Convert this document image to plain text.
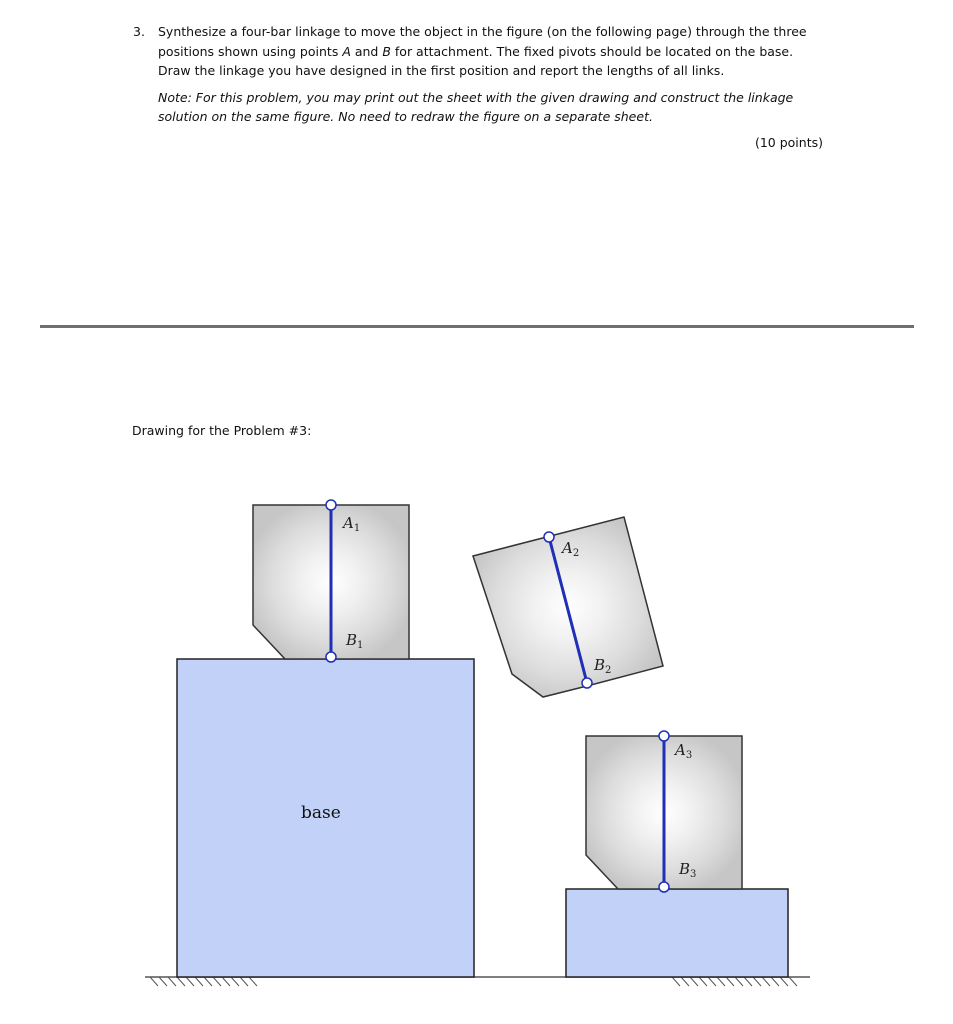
3. Synthesize a four-bar linkage to move the object in the figure (on the following page) through the three positions shown using points A and B for attachment. The fixed pivots should be located on the base. Draw the linkage you have designed in the first position and report the lengths of all links.
Note: For this problem, you may print out the sheet with the given drawing and construct the linkage solution on the same figure. No need to redraw the figure on a separate sheet.
(10 points)
Drawing for the Problem #3:
base
$A_1$
$B_1$
$A_2$
$B_2$
$A_3$
$B_3$
